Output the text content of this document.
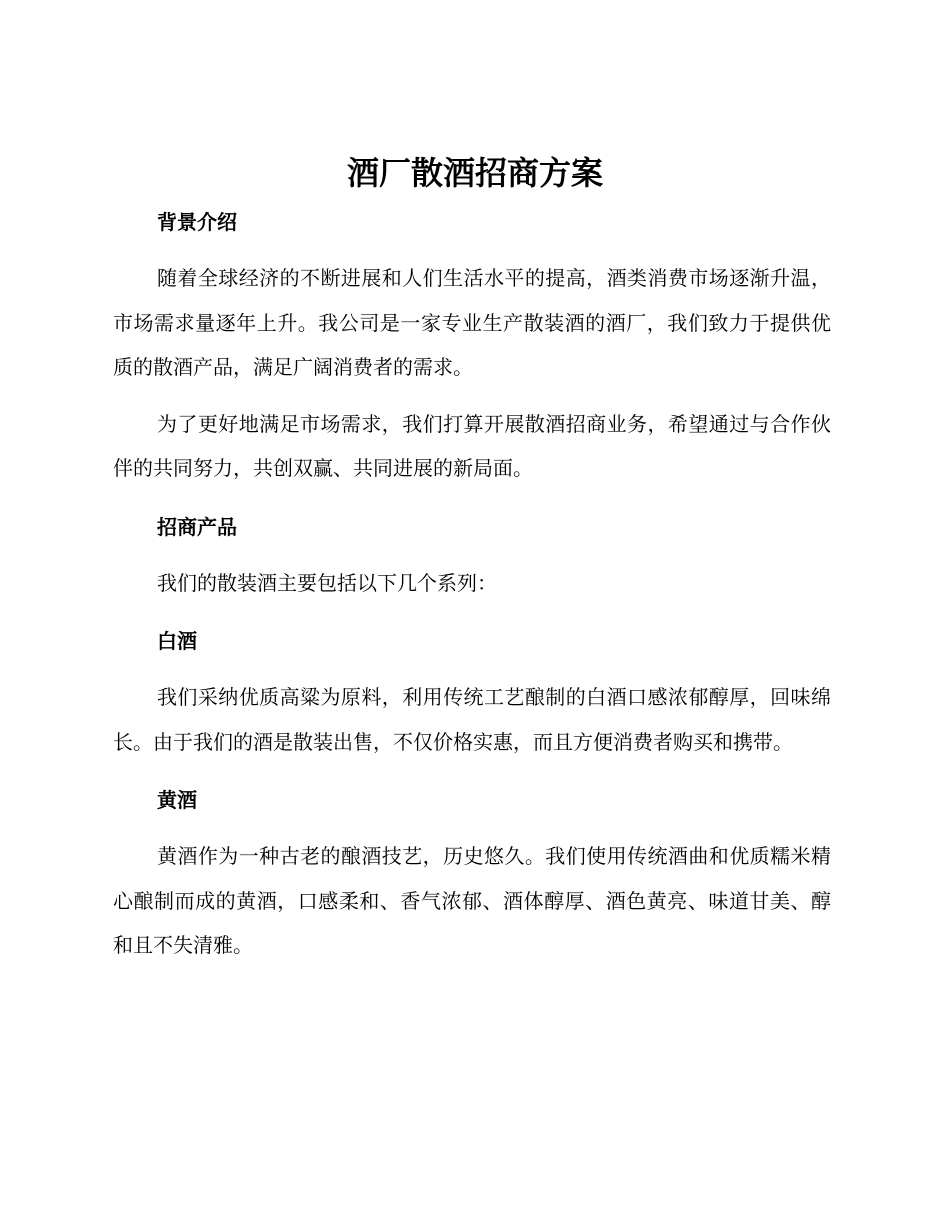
酒厂散酒招商方案
背景介绍

随着全球经济的不断进展和人们生活水平的提高，酒类消费市场逐渐升温，市场需求量逐年上升。我公司是一家专业生产散装酒的酒厂，我们致力于提供优质的散酒产品，满足广阔消费者的需求。

为了更好地满足市场需求，我们打算开展散酒招商业务，希望通过与合作伙伴的共同努力，共创双赢、共同进展的新局面。

招商产品

我们的散装酒主要包括以下几个系列：

白酒

我们采纳优质高粱为原料，利用传统工艺酿制的白酒口感浓郁醇厚，回味绵长。由于我们的酒是散装出售，不仅价格实惠，而且方便消费者购买和携带。

黄酒

黄酒作为一种古老的酿酒技艺，历史悠久。我们使用传统酒曲和优质糯米精心酿制而成的黄酒，口感柔和、香气浓郁、酒体醇厚、酒色黄亮、味道甘美、醇和且不失清雅。
